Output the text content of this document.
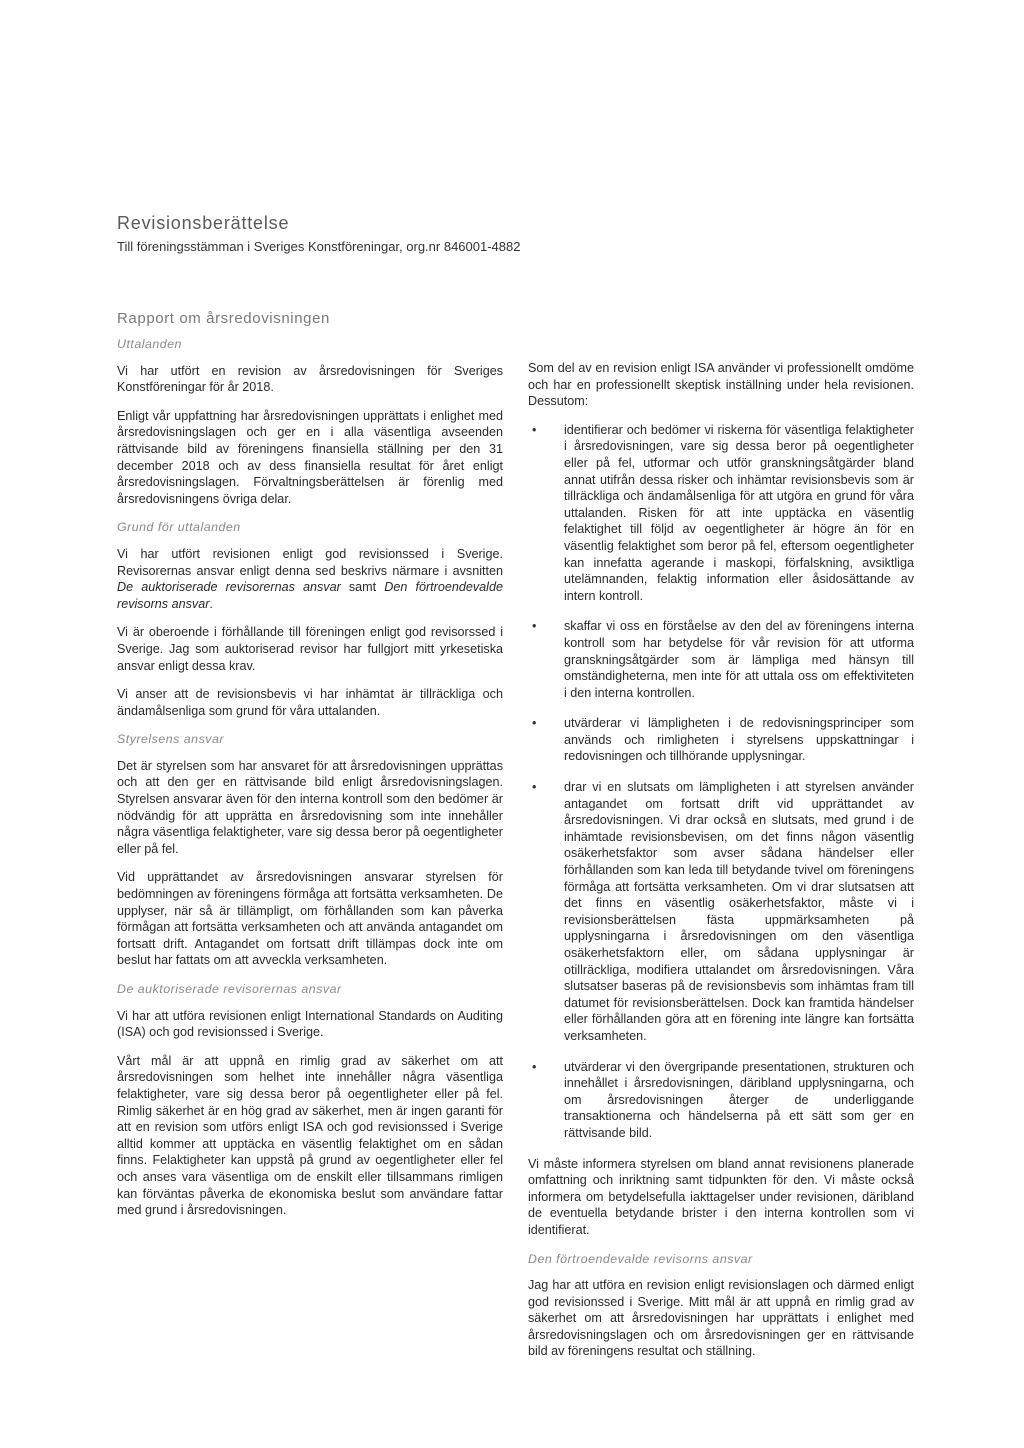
Revisionsberättelse

Till föreningsstämman i Sveriges Konstföreningar, org.nr 846001-4882

Rapport om årsredovisningen
Uttalanden

Vi har utfört en revision av årsredovisningen för Sveriges Konstföreningar för år 2018.

Enligt vår uppfattning har årsredovisningen upprättats i enlighet med årsredovisningslagen och ger en i alla väsentliga avseenden rättvisande bild av föreningens finansiella ställning per den 31 december 2018 och av dess finansiella resultat för året enligt årsredovisningslagen. Förvaltningsberättelsen är förenlig med årsredovisningens övriga delar.

Grund för uttalanden

Vi har utfört revisionen enligt god revisionssed i Sverige. Revisorernas ansvar enligt denna sed beskrivs närmare i avsnitten De auktoriserade revisorernas ansvar samt Den förtroendevalde revisorns ansvar.

Vi är oberoende i förhållande till föreningen enligt god revisorssed i Sverige. Jag som auktoriserad revisor har fullgjort mitt yrkesetiska ansvar enligt dessa krav.

Vi anser att de revisionsbevis vi har inhämtat är tillräckliga och ändamålsenliga som grund för våra uttalanden.

Styrelsens ansvar

Det är styrelsen som har ansvaret för att årsredovisningen upprättas och att den ger en rättvisande bild enligt årsredovisningslagen. Styrelsen ansvarar även för den interna kontroll som den bedömer är nödvändig för att upprätta en årsredovisning som inte innehåller några väsentliga felaktigheter, vare sig dessa beror på oegentligheter eller på fel.

Vid upprättandet av årsredovisningen ansvarar styrelsen för bedömningen av föreningens förmåga att fortsätta verksamheten. De upplyser, när så är tillämpligt, om förhållanden som kan påverka förmågan att fortsätta verksamheten och att använda antagandet om fortsatt drift. Antagandet om fortsatt drift tillämpas dock inte om beslut har fattats om att avveckla verksamheten.

De auktoriserade revisorernas ansvar

Vi har att utföra revisionen enligt International Standards on Auditing (ISA) och god revisionssed i Sverige.

Vårt mål är att uppnå en rimlig grad av säkerhet om att årsredovisningen som helhet inte innehåller några väsentliga felaktigheter, vare sig dessa beror på oegentligheter eller på fel. Rimlig säkerhet är en hög grad av säkerhet, men är ingen garanti för att en revision som utförs enligt ISA och god revisionssed i Sverige alltid kommer att upptäcka en väsentlig felaktighet om en sådan finns. Felaktigheter kan uppstå på grund av oegentligheter eller fel och anses vara väsentliga om de enskilt eller tillsammans rimligen kan förväntas påverka de ekonomiska beslut som användare fattar med grund i årsredovisningen.

Som del av en revision enligt ISA använder vi professionellt omdöme och har en professionellt skeptisk inställning under hela revisionen. Dessutom:

• identifierar och bedömer vi riskerna för väsentliga felaktigheter i årsredovisningen, vare sig dessa beror på oegentligheter eller på fel, utformar och utför granskningsåtgärder bland annat utifrån dessa risker och inhämtar revisionsbevis som är tillräckliga och ändamålsenliga för att utgöra en grund för våra uttalanden. Risken för att inte upptäcka en väsentlig felaktighet till följd av oegentligheter är högre än för en väsentlig felaktighet som beror på fel, eftersom oegentligheter kan innefatta agerande i maskopi, förfalskning, avsiktliga utelämnanden, felaktig information eller åsidosättande av intern kontroll.
• skaffar vi oss en förståelse av den del av föreningens interna kontroll som har betydelse för vår revision för att utforma granskningsåtgärder som är lämpliga med hänsyn till omständigheterna, men inte för att uttala oss om effektiviteten i den interna kontrollen.
• utvärderar vi lämpligheten i de redovisningsprinciper som används och rimligheten i styrelsens uppskattningar i redovisningen och tillhörande upplysningar.
• drar vi en slutsats om lämpligheten i att styrelsen använder antagandet om fortsatt drift vid upprättandet av årsredovisningen. Vi drar också en slutsats, med grund i de inhämtade revisionsbevisen, om det finns någon väsentlig osäkerhetsfaktor som avser sådana händelser eller förhållanden som kan leda till betydande tvivel om föreningens förmåga att fortsätta verksamheten. Om vi drar slutsatsen att det finns en väsentlig osäkerhetsfaktor, måste vi i revisionsberättelsen fästa uppmärksamheten på upplysningarna i årsredovisningen om den väsentliga osäkerhetsfaktorn eller, om sådana upplysningar är otillräckliga, modifiera uttalandet om årsredovisningen. Våra slutsatser baseras på de revisionsbevis som inhämtas fram till datumet för revisionsberättelsen. Dock kan framtida händelser eller förhållanden göra att en förening inte längre kan fortsätta verksamheten.
• utvärderar vi den övergripande presentationen, strukturen och innehållet i årsredovisningen, däribland upplysningarna, och om årsredovisningen återger de underliggande transaktionerna och händelserna på ett sätt som ger en rättvisande bild.

Vi måste informera styrelsen om bland annat revisionens planerade omfattning och inriktning samt tidpunkten för den. Vi måste också informera om betydelsefulla iakttagelser under revisionen, däribland de eventuella betydande brister i den interna kontrollen som vi identifierat.

Den förtroendevalde revisorns ansvar

Jag har att utföra en revision enligt revisionslagen och därmed enligt god revisionssed i Sverige. Mitt mål är att uppnå en rimlig grad av säkerhet om att årsredovisningen har upprättats i enlighet med årsredovisningslagen och om årsredovisningen ger en rättvisande bild av föreningens resultat och ställning.
